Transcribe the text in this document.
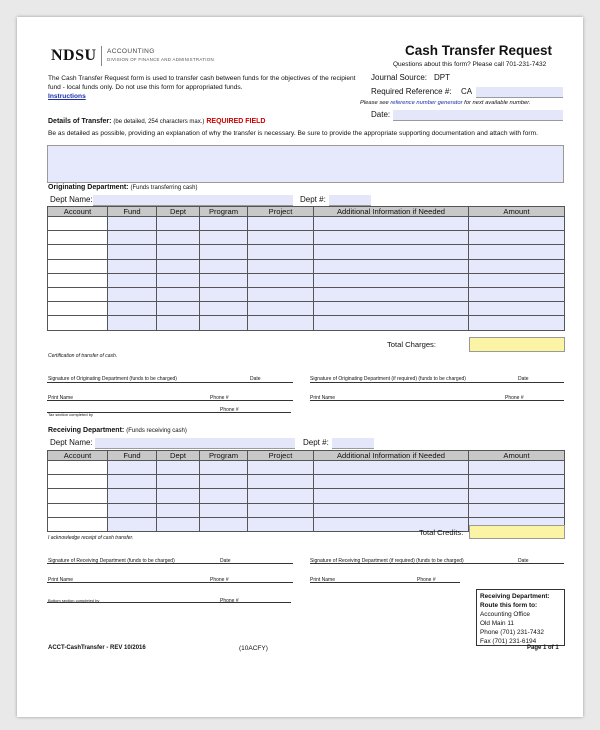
NDSU ACCOUNTING
DIVISION OF FINANCE AND ADMINISTRATION
Cash Transfer Request
Questions about this form? Please call 701-231-7432
The Cash Transfer Request form is used to transfer cash between funds for the objectives of the recipient fund - local funds only. Do not use this form for appropriated funds.
Instructions
Journal Source: DPT
Required Reference #: CA
Please see reference number generator for next available number.
Date:
Details of Transfer: (be detailed, 254 characters max.) REQUIRED FIELD
Be as detailed as possible, providing an explanation of why the transfer is necessary. Be sure to provide the appropriate supporting documentation and attach with form.
Originating Department: (Funds transferring cash)
Dept Name:	Dept #:
Account	Fund	Dept	Program	Project	Additional Information if Needed	Amount

Total Charges:
Certification of transfer of cash.
Signature of Originating Department (funds to be charged)	Date	Signature of Originating Department (if required) (funds to be charged)	Date
Print Name	Phone #	Print Name	Phone #
Tax section completed by
Phone #
Receiving Department: (Funds receiving cash)
Dept Name:	Dept #:
Account	Fund	Dept	Program	Project	Additional Information if Needed	Amount

Total Credits:
I acknowledge receipt of cash transfer.
Signature of Receiving Department (funds to be charged)	Date	Signature of Receiving Department (if required) (funds to be charged)	Date
Print Name	Phone #	Print Name	Phone #
Bottom section completed by	Phone #
Receiving Department:
Route this form to:
Accounting Office
Old Main 11
Phone (701) 231-7432
Fax (701) 231-6194
ACCT-CashTransfer - REV 10/2016	(10ACFY)	Page 1 of 1
